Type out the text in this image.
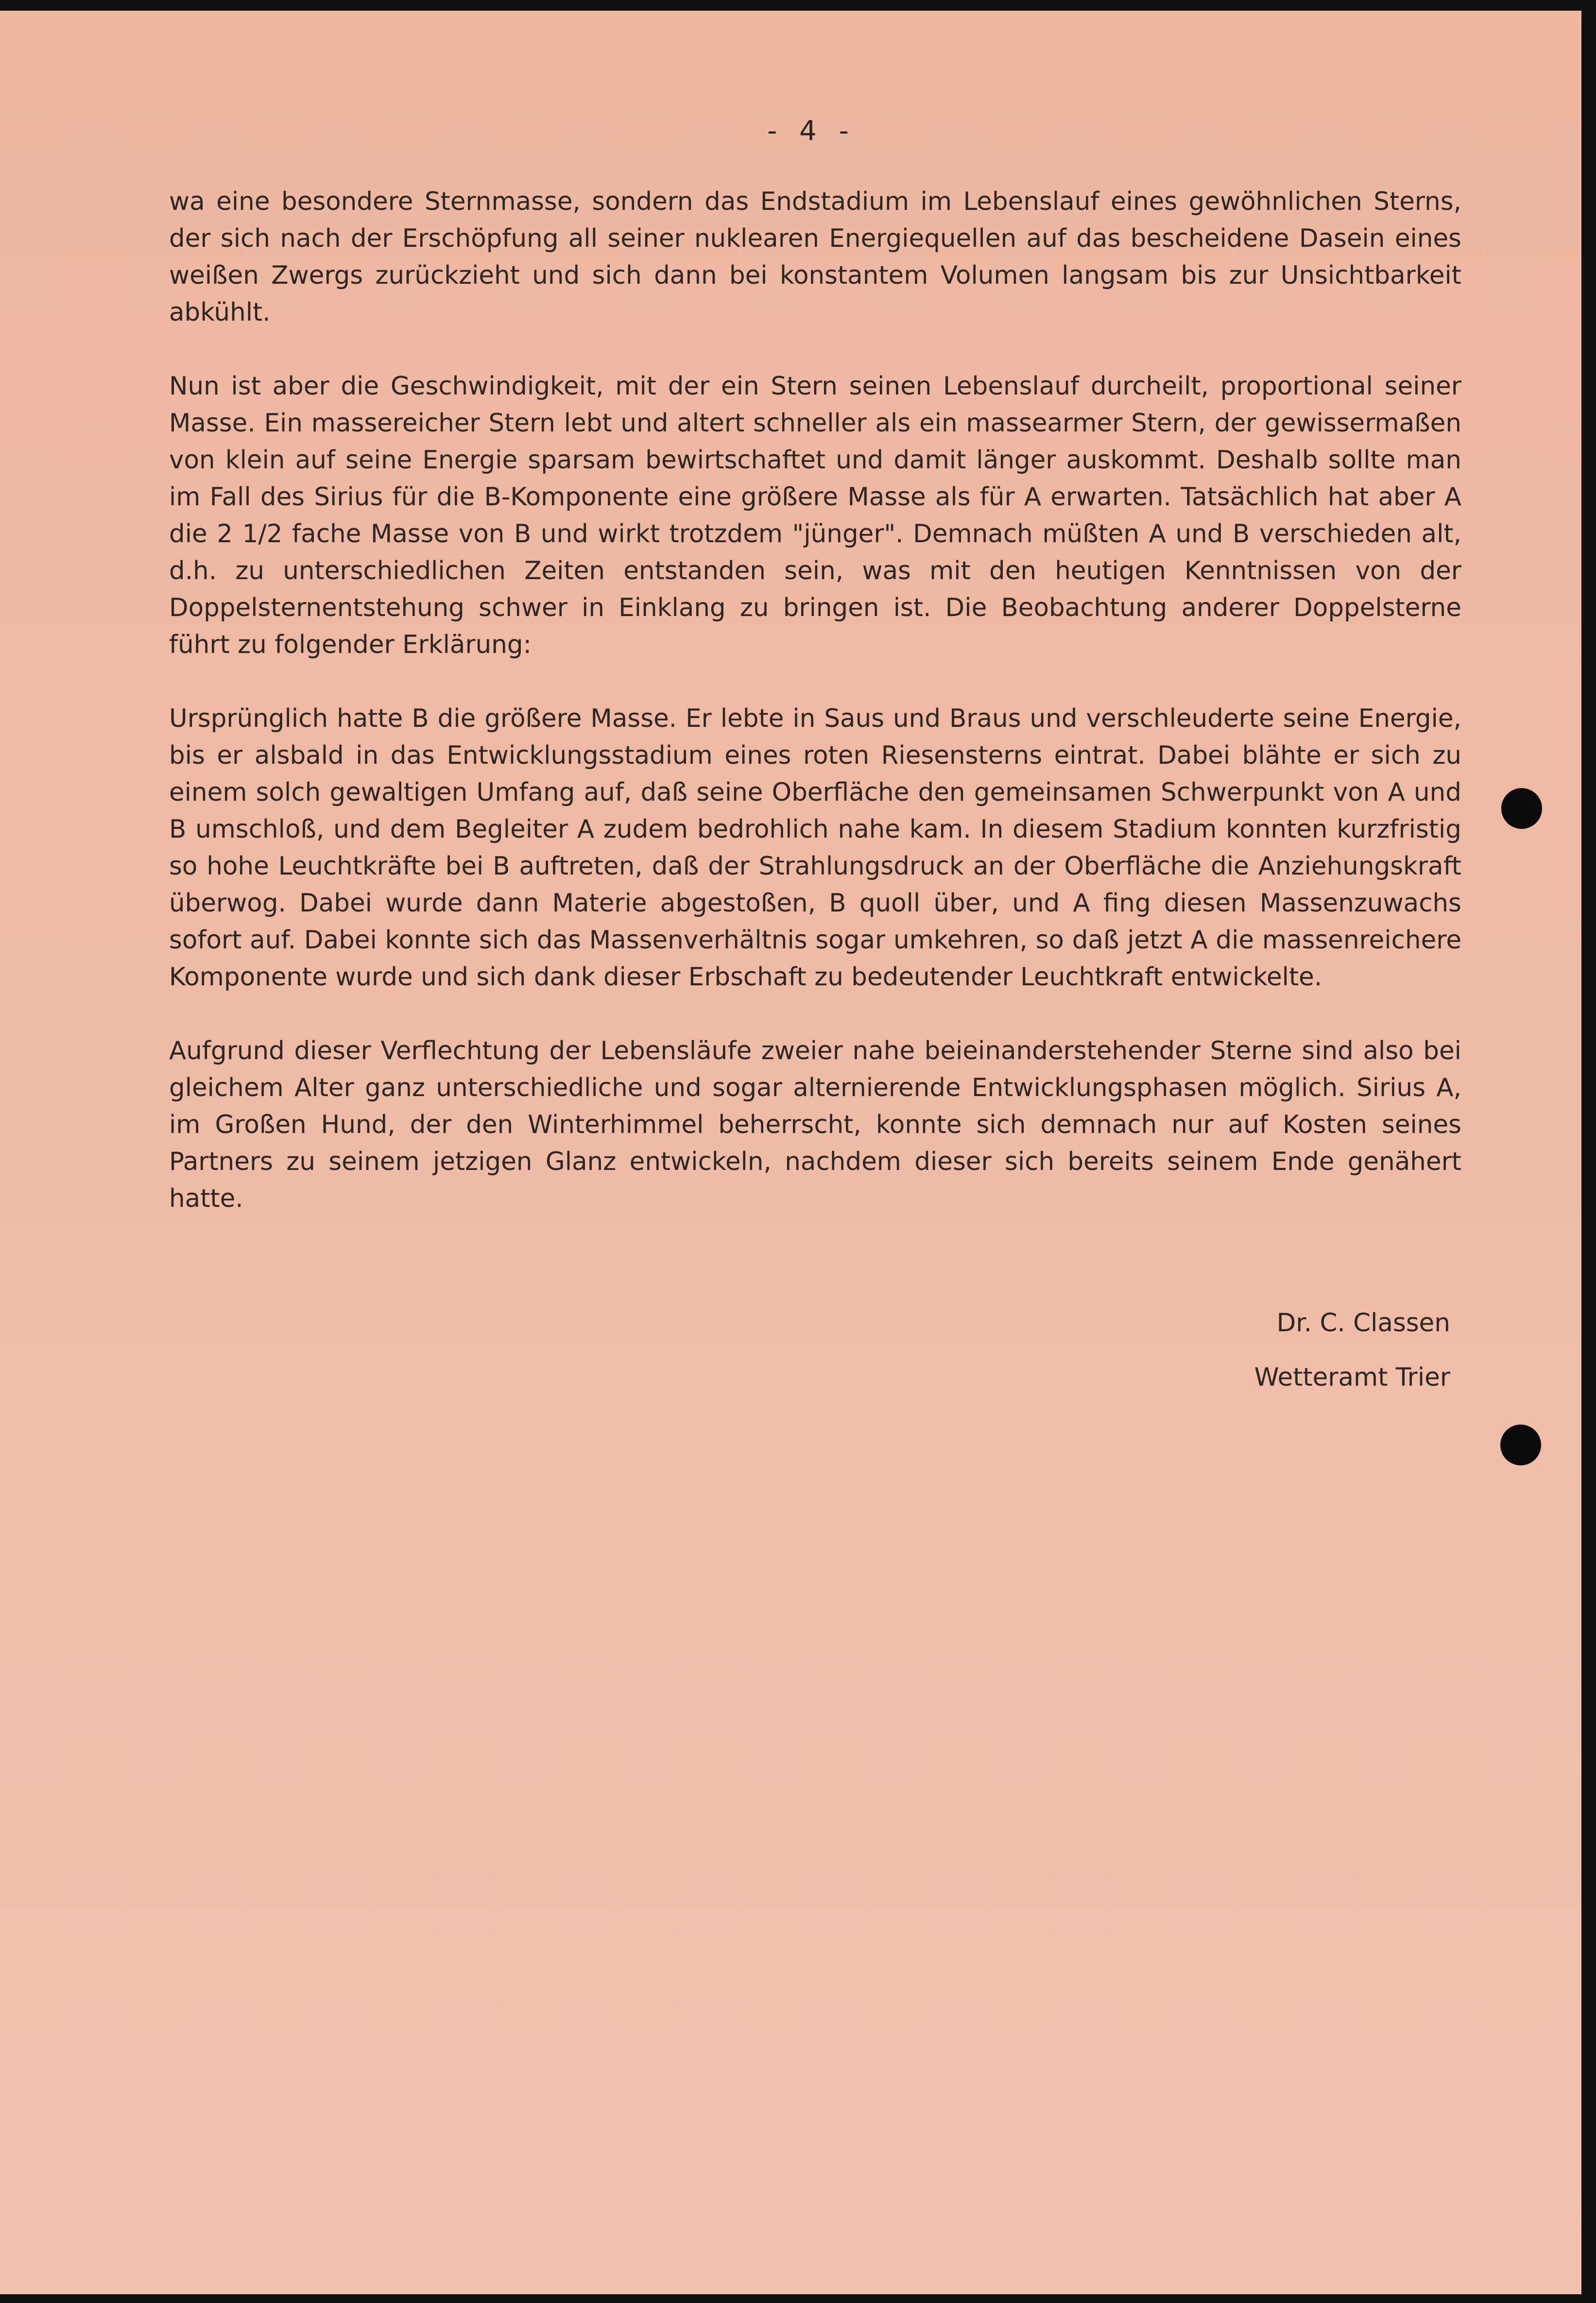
- 4 -

wa eine besondere Sternmasse, sondern das Endstadium im Lebenslauf eines gewöhnlichen Sterns, der sich nach der Erschöpfung all seiner nuklearen Energiequellen auf das bescheidene Dasein eines weißen Zwergs zurückzieht und sich dann bei konstantem Volumen langsam bis zur Unsichtbarkeit abkühlt.

Nun ist aber die Geschwindigkeit, mit der ein Stern seinen Lebenslauf durcheilt, proportional seiner Masse. Ein massereicher Stern lebt und altert schneller als ein massearmer Stern, der gewissermaßen von klein auf seine Energie sparsam bewirtschaftet und damit länger auskommt. Deshalb sollte man im Fall des Sirius für die B-Komponente eine größere Masse als für A erwarten. Tatsächlich hat aber A die 2 1/2 fache Masse von B und wirkt trotzdem "jünger". Demnach müßten A und B verschieden alt, d.h. zu unterschiedlichen Zeiten entstanden sein, was mit den heutigen Kenntnissen von der Doppelsternentstehung schwer in Einklang zu bringen ist. Die Beobachtung anderer Doppelsterne führt zu folgender Erklärung:

Ursprünglich hatte B die größere Masse. Er lebte in Saus und Braus und verschleuderte seine Energie, bis er alsbald in das Entwicklungsstadium eines roten Riesensterns eintrat. Dabei blähte er sich zu einem solch gewaltigen Umfang auf, daß seine Oberfläche den gemeinsamen Schwerpunkt von A und B umschloß, und dem Begleiter A zudem bedrohlich nahe kam. In diesem Stadium konnten kurzfristig so hohe Leuchtkräfte bei B auftreten, daß der Strahlungsdruck an der Oberfläche die Anziehungskraft überwog. Dabei wurde dann Materie abgestoßen, B quoll über, und A fing diesen Massenzuwachs sofort auf. Dabei konnte sich das Massenverhältnis sogar umkehren, so daß jetzt A die massenreichere Komponente wurde und sich dank dieser Erbschaft zu bedeutender Leuchtkraft entwickelte.

Aufgrund dieser Verflechtung der Lebensläufe zweier nahe beieinanderstehender Sterne sind also bei gleichem Alter ganz unterschiedliche und sogar alternierende Entwicklungsphasen möglich. Sirius A, im Großen Hund, der den Winterhimmel beherrscht, konnte sich demnach nur auf Kosten seines Partners zu seinem jetzigen Glanz entwickeln, nachdem dieser sich bereits seinem Ende genähert hatte.

Dr. C. Classen
Wetteramt Trier
